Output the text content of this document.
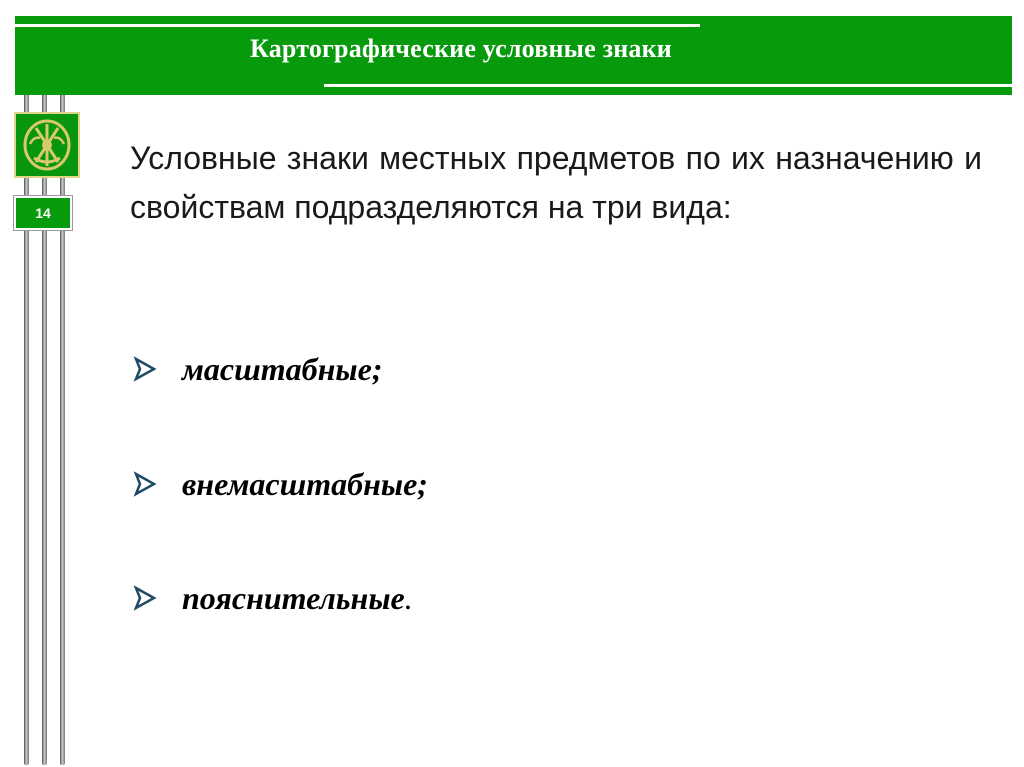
Картографические условные знаки
14

Условные знаки местных предметов по их назначению и свойствам подразделяются на три вида:

масштабные;
внемасштабные;
пояснительные.
